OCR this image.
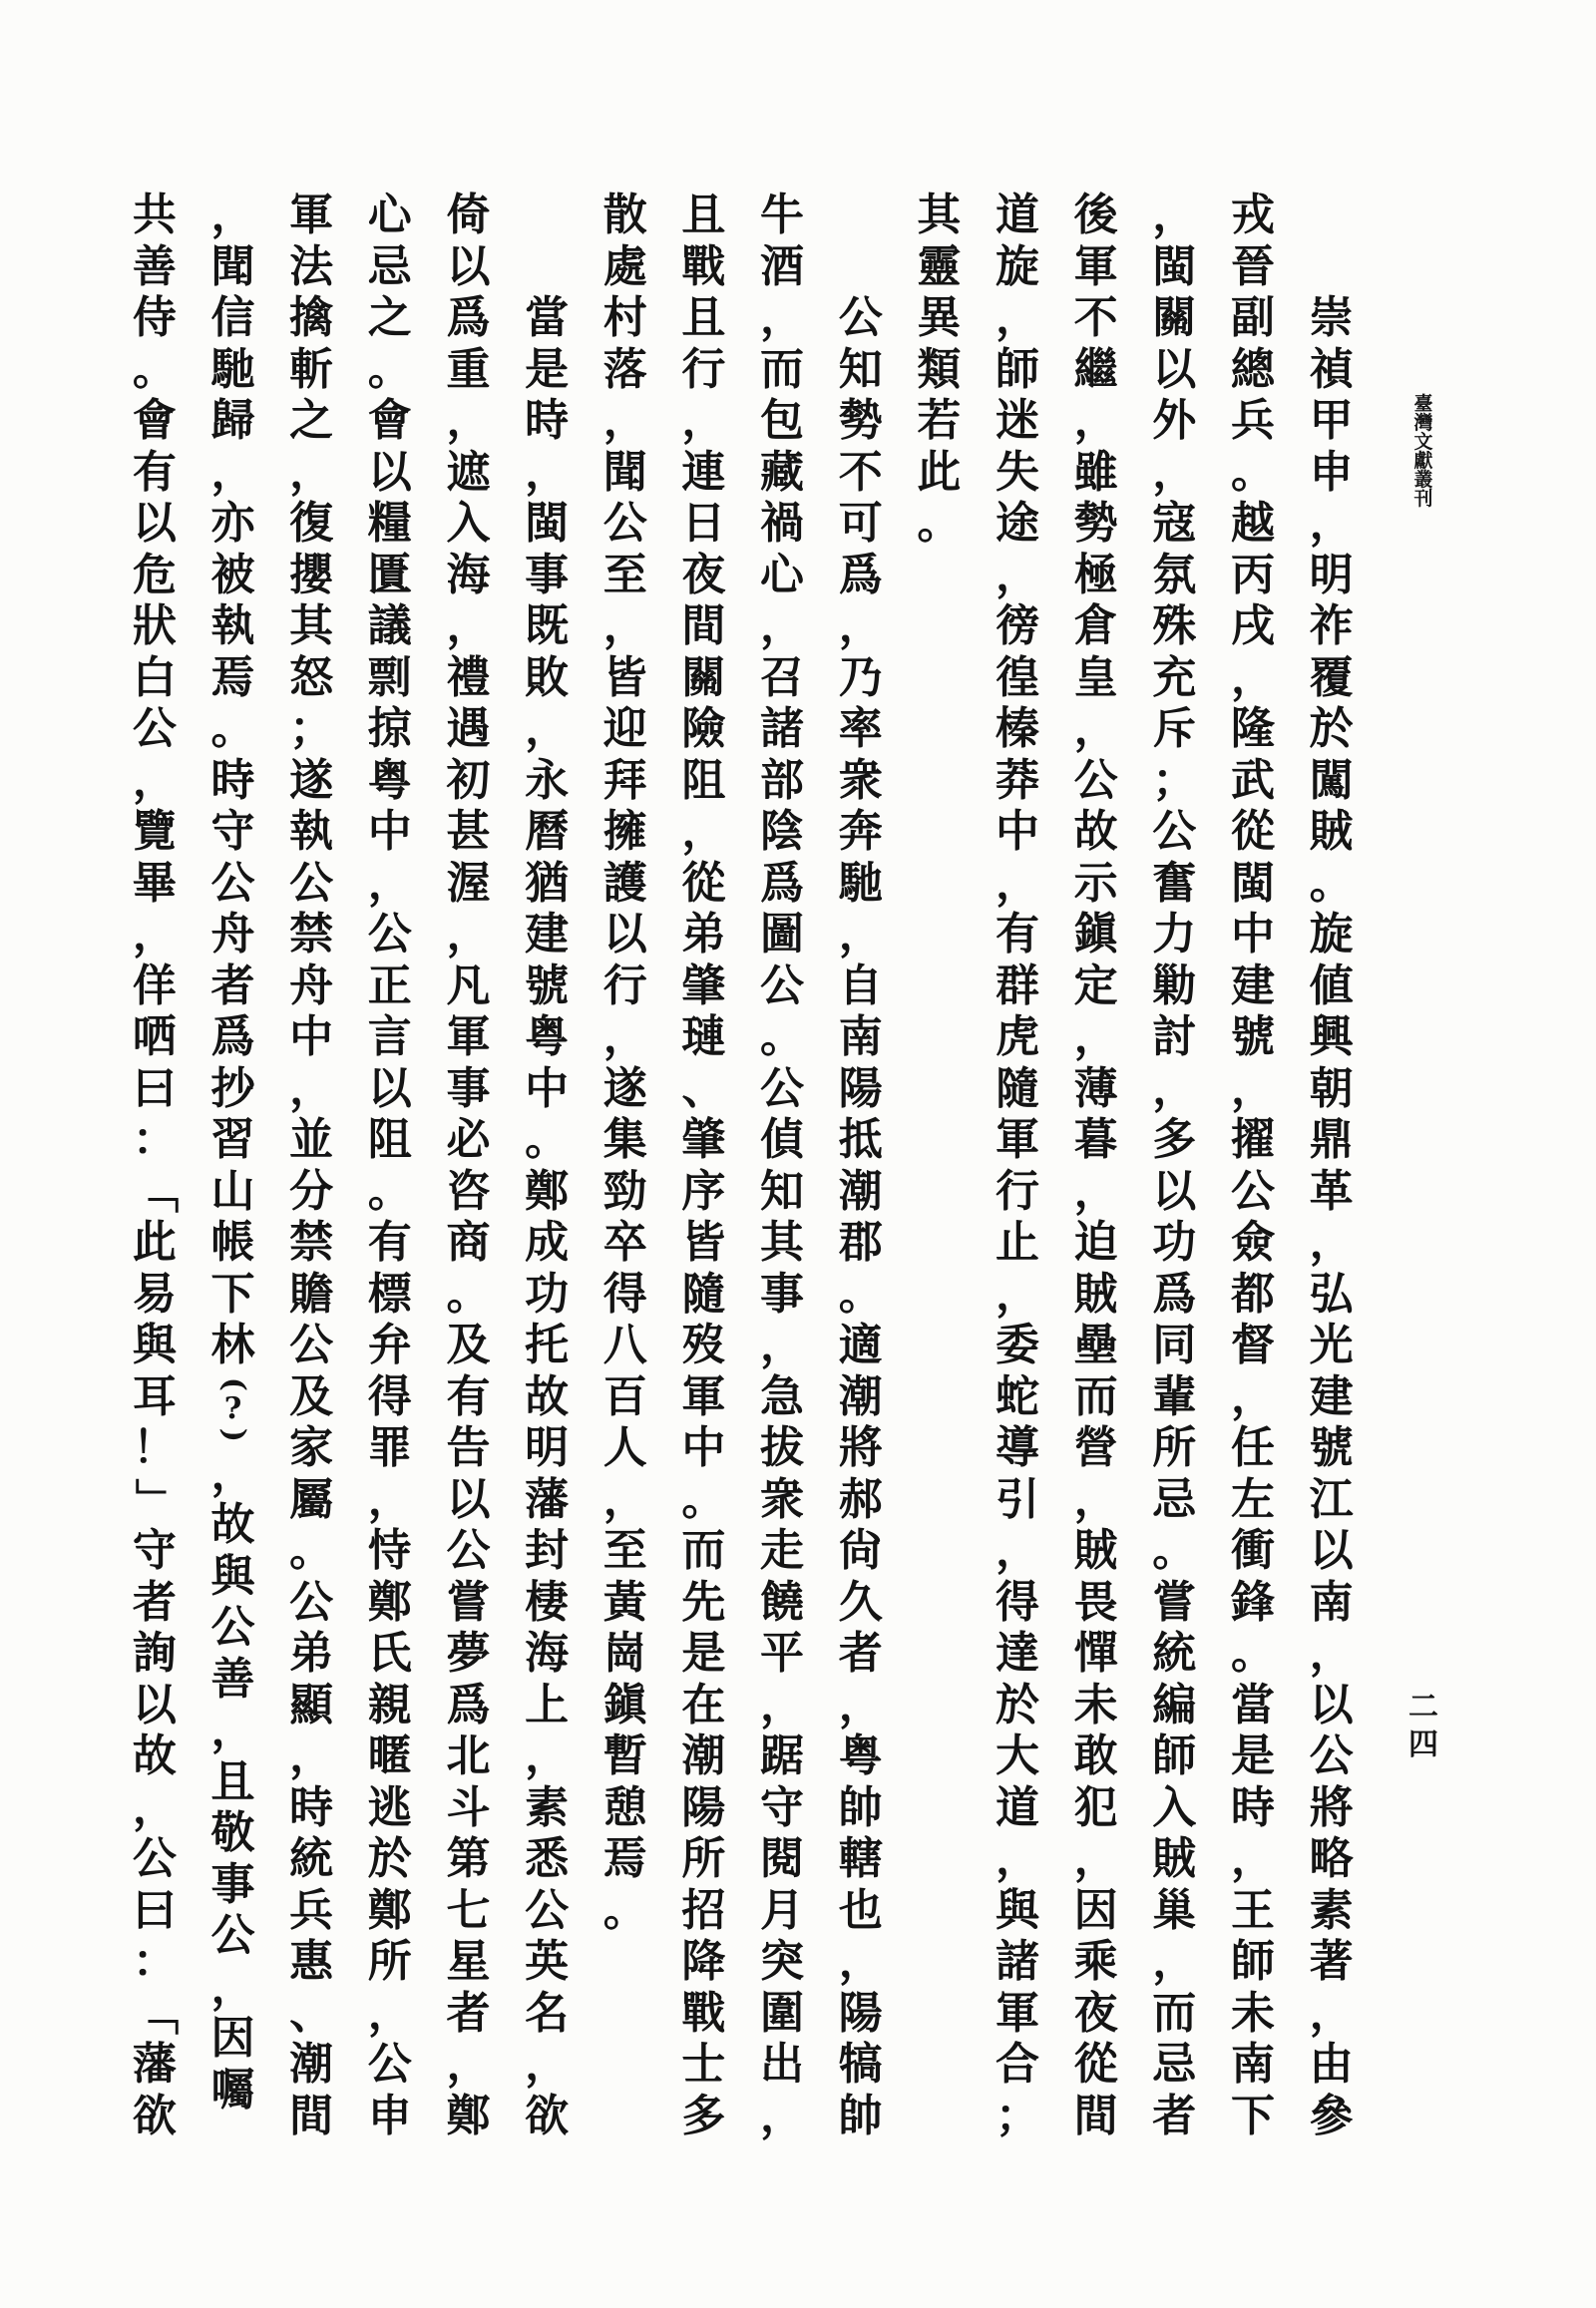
臺
灣
文
獻
叢
刊
二
四
崇
禎
甲
申
，
明
祚
覆
於
闖
賊
。
旋
値
興
朝
鼎
革
，
弘
光
建
號
江
以
南
，
以
公
將
略
素
著
，
由
參
戎
晉
副
總
兵
。
越
丙
戌
，
隆
武
從
閩
中
建
號
，
擢
公
僉
都
督
，
任
左
衝
鋒
。
當
是
時
，
王
師
未
南
下
，
閩
關
以
外
，
寇
氛
殊
充
斥
；
公
奮
力
勦
討
，
多
以
功
爲
同
輩
所
忌
。
嘗
統
編
師
入
賊
巢
，
而
忌
者
後
軍
不
繼
，
雖
勢
極
倉
皇
，
公
故
示
鎭
定
，
薄
暮
，
迫
賊
壘
而
營
，
賊
畏
憚
未
敢
犯
，
因
乘
夜
從
間
道
旋
，
師
迷
失
途
，
徬
徨
榛
莽
中
，
有
群
虎
隨
軍
行
止
，
委
蛇
導
引
，
得
達
於
大
道
，
與
諸
軍
合
；
其
靈
異
類
若
此
。
公
知
勢
不
可
爲
，
乃
率
衆
奔
馳
，
自
南
陽
抵
潮
郡
。
適
潮
將
郝
尙
久
者
，
粤
帥
轄
也
，
陽
犒
帥
牛
酒
，
而
包
藏
禍
心
，
召
諸
部
陰
爲
圖
公
。
公
偵
知
其
事
，
急
拔
衆
走
饒
平
，
踞
守
閱
月
突
圍
出
，
且
戰
且
行
，
連
日
夜
間
關
險
阻
，
從
弟
肇
璉
、
肇
序
皆
隨
歿
軍
中
。
而
先
是
在
潮
陽
所
招
降
戰
士
多
散
處
村
落
，
聞
公
至
，
皆
迎
拜
擁
護
以
行
，
遂
集
勁
卒
得
八
百
人
，
至
黃
崗
鎭
暫
憩
焉
。
當
是
時
，
閩
事
既
敗
，
永
曆
猶
建
號
粤
中
。
鄭
成
功
托
故
明
藩
封
棲
海
上
，
素
悉
公
英
名
，
欲
倚
以
爲
重
，
遮
入
海
，
禮
遇
初
甚
渥
，
凡
軍
事
必
咨
商
。
及
有
告
以
公
嘗
夢
爲
北
斗
第
七
星
者
，
鄭
心
忌
之
。
會
以
糧
匱
議
剽
掠
粤
中
，
公
正
言
以
阻
。
有
標
弁
得
罪
，
恃
鄭
氏
親
暱
逃
於
鄭
所
，
公
申
軍
法
擒
斬
之
，
復
攖
其
怒
；
遂
執
公
禁
舟
中
，
並
分
禁
贍
公
及
家
屬
。
公
弟
顯
，
時
統
兵
惠
、
潮
間
，
聞
信
馳
歸
，
亦
被
執
焉
。
時
守
公
舟
者
爲
抄
習
山
帳
下
林
(
?
)
，
故
與
公
善
，
且
敬
事
公
，
因
囑
共
善
侍
。
會
有
以
危
狀
白
公
，
覽
畢
，
佯
哂
曰
：
「
此
易
與
耳
！
」
守
者
詢
以
故
，
公
曰
：
「
藩
欲
